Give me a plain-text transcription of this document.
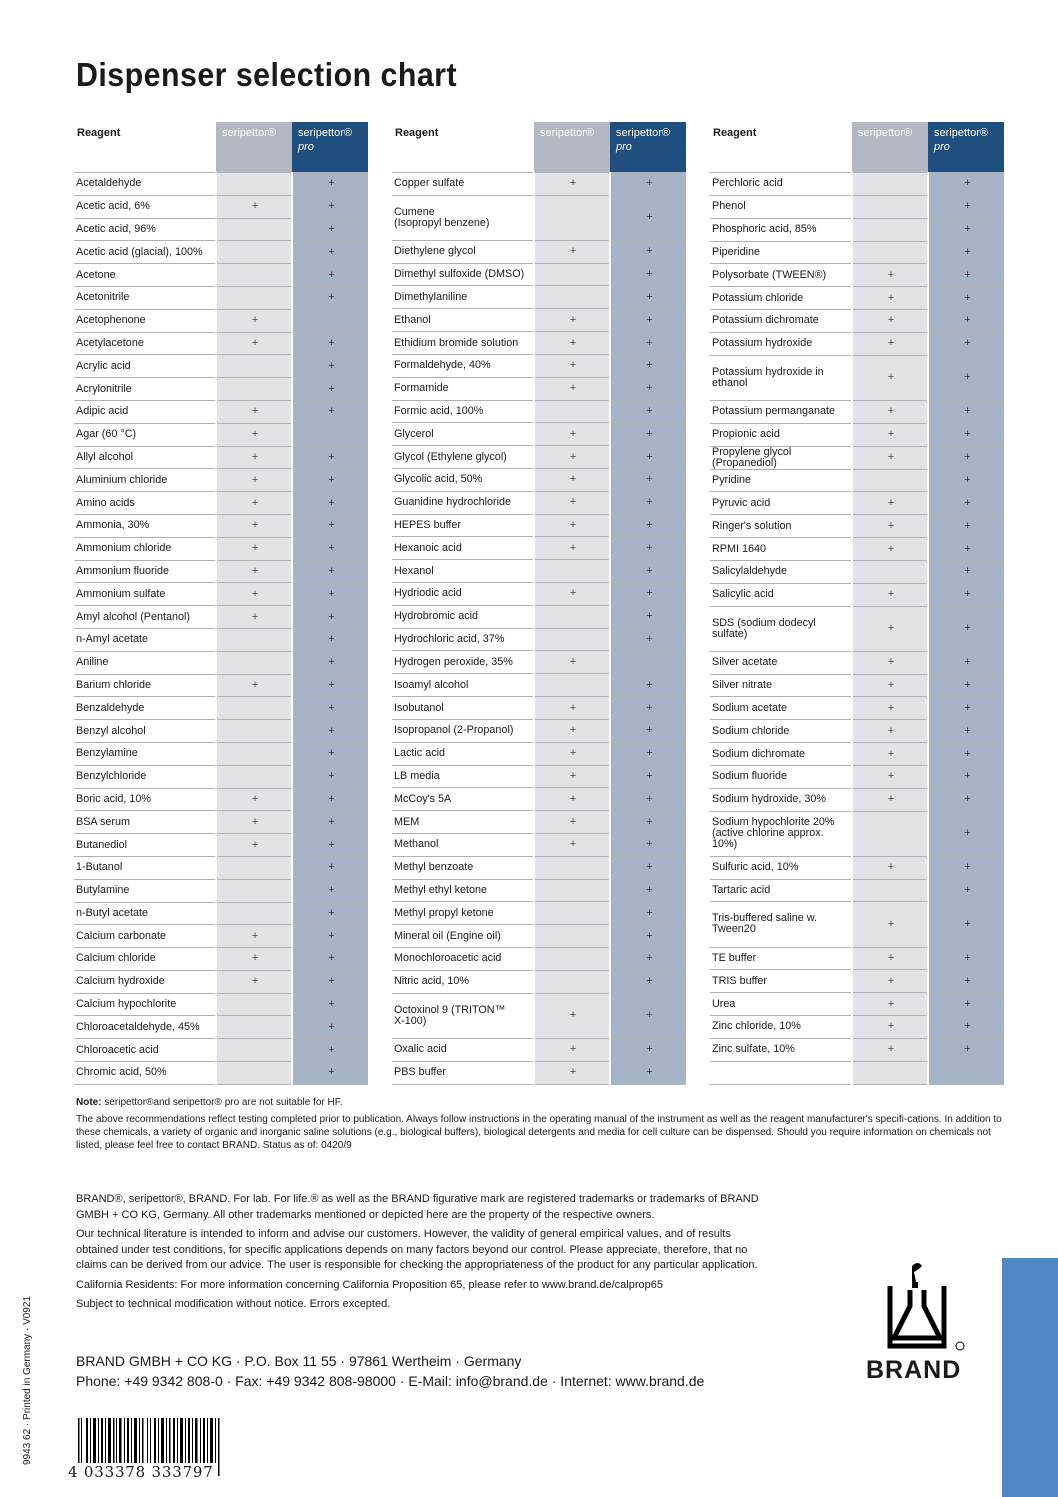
Dispenser selection chart
Reagent	seripettor®	seripettor®
pro
Acetaldehyde		+
Acetic acid, 6%	+	+
Acetic acid, 96%		+
Acetic acid (glacial), 100%		+
Acetone		+
Acetonitrile		+
Acetophenone	+	
Acetylacetone	+	+
Acrylic acid		+
Acrylonitrile		+
Adipic acid	+	+
Agar (60 °C)	+	
Allyl alcohol	+	+
Aluminium chloride	+	+
Amino acids	+	+
Ammonia, 30%	+	+
Ammonium chloride	+	+
Ammonium fluoride	+	+
Ammonium sulfate	+	+
Amyl alcohol (Pentanol)	+	+
n-Amyl acetate		+
Aniline		+
Barium chloride	+	+
Benzaldehyde		+
Benzyl alcohol		+
Benzylamine		+
Benzylchloride		+
Boric acid, 10%	+	+
BSA serum	+	+
Butanediol	+	+
1-Butanol		+
Butylamine		+
n-Butyl acetate		+
Calcium carbonate	+	+
Calcium chloride	+	+
Calcium hydroxide	+	+
Calcium hypochlorite		+
Chloroacetaldehyde, 45%		+
Chloroacetic acid		+
Chromic acid, 50%		+
Reagent	seripettor®	seripettor®
pro
Copper sulfate	+	+
Cumene
(Isopropyl benzene)		+
Diethylene glycol	+	+
Dimethyl sulfoxide (DMSO)		+
Dimethylaniline		+
Ethanol	+	+
Ethidium bromide solution	+	+
Formaldehyde, 40%	+	+
Formamide	+	+
Formic acid, 100%		+
Glycerol	+	+
Glycol (Ethylene glycol)	+	+
Glycolic acid, 50%	+	+
Guanidine hydrochloride	+	+
HEPES buffer	+	+
Hexanoic acid	+	+
Hexanol		+
Hydriodic acid	+	+
Hydrobromic acid		+
Hydrochloric acid, 37%		+
Hydrogen peroxide, 35%	+	
Isoamyl alcohol		+
Isobutanol	+	+
Isopropanol (2-Propanol)	+	+
Lactic acid	+	+
LB media	+	+
McCoy's 5A	+	+
MEM	+	+
Methanol	+	+
Methyl benzoate		+
Methyl ethyl ketone		+
Methyl propyl ketone		+
Mineral oil (Engine oil)		+
Monochloroacetic acid		+
Nitric acid, 10%		+
Octoxinol 9 (TRITON™
X-100)	+	+
Oxalic acid	+	+
PBS buffer	+	+
Reagent	seripettor®	seripettor®
pro
Perchloric acid		+
Phenol		+
Phosphoric acid, 85%		+
Piperidine		+
Polysorbate (TWEEN®)	+	+
Potassium chloride	+	+
Potassium dichromate	+	+
Potassium hydroxide	+	+
Potassium hydroxide in
ethanol	+	+
Potassium permanganate	+	+
Propionic acid	+	+
Propylene glycol (Propanediol)	+	+
Pyridine		+
Pyruvic acid	+	+
Ringer's solution	+	+
RPMI 1640	+	+
Salicylaldehyde		+
Salicylic acid	+	+
SDS (sodium dodecyl
sulfate)	+	+
Silver acetate	+	+
Silver nitrate	+	+
Sodium acetate	+	+
Sodium chloride	+	+
Sodium dichromate	+	+
Sodium fluoride	+	+
Sodium hydroxide, 30%	+	+
Sodium hypochlorite 20%
(active chlorine approx. 10%)		+
Sulfuric acid, 10%	+	+
Tartaric acid		+
Tris-buffered saline w.
Tween20	+	+
TE buffer	+	+
TRIS buffer	+	+
Urea	+	+
Zinc chloride, 10%	+	+
Zinc sulfate, 10%	+	+

Note: seripettor®and seripettor® pro are not suitable for HF.

The above recommendations reflect testing completed prior to publication. Always follow instructions in the operating manual of the instrument as well as the reagent manufacturer's specifi-cations. In addition to these chemicals, a variety of organic and inorganic saline solutions (e.g., biological buffers), biological detergents and media for cell culture can be dispensed. Should you require information on chemicals not listed, please feel free to contact BRAND. Status as of: 0420/9

BRAND®, seripettor®, BRAND. For lab. For life.® as well as the BRAND figurative mark are registered trademarks or trademarks of BRAND GMBH + CO KG, Germany. All other trademarks mentioned or depicted here are the property of the respective owners.

Our technical literature is intended to inform and advise our customers. However, the validity of general empirical values, and of results obtained under test conditions, for specific applications depends on many factors beyond our control. Please appreciate, therefore, that no claims can be derived from our advice. The user is responsible for checking the appropriateness of the product for any particular application.

California Residents: For more information concerning California Proposition 65, please refer to www.brand.de/calprop65

Subject to technical modification without notice. Errors excepted.

BRAND GMBH + CO KG · P.O. Box 11 55 · 97861 Wertheim · Germany
Phone: +49 9342 808-0 · Fax: +49 9342 808-98000 · E-Mail: info@brand.de · Internet: www.brand.de
9943 62 · Printed in Germany · V0921
4 033378 333797
BRAND
